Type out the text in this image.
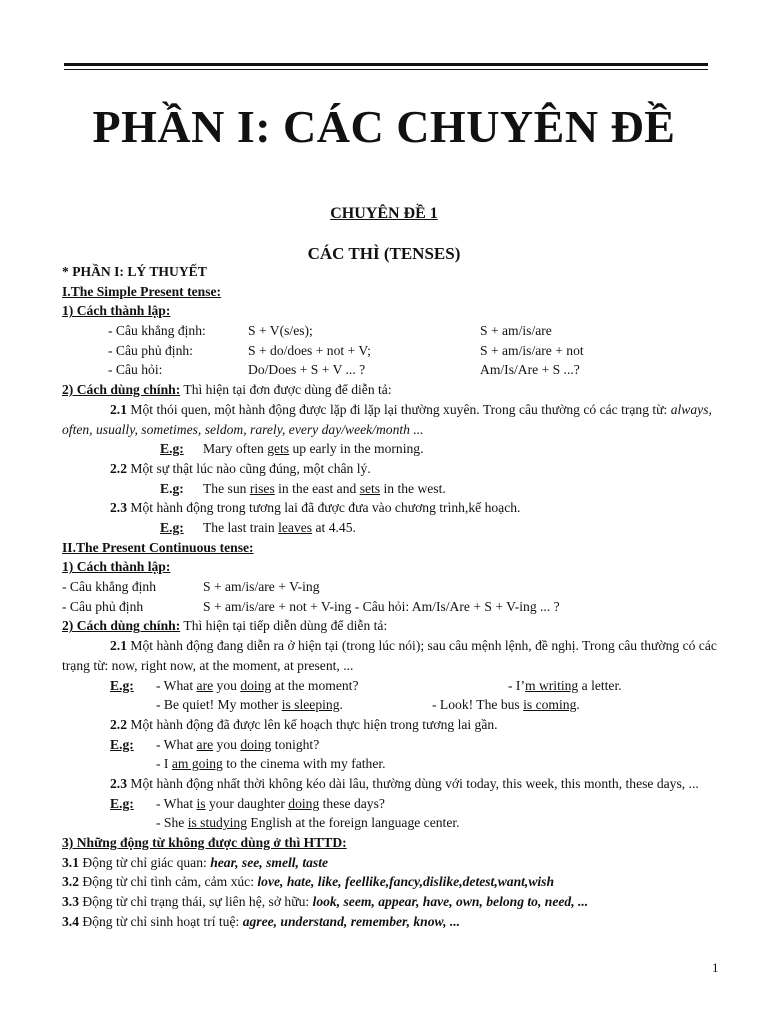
PHẦN I: CÁC CHUYÊN ĐỀ
CHUYÊN ĐỀ 1
CÁC THÌ (TENSES)
* PHẦN I: LÝ THUYẾT
I.The Simple Present tense:
1) Cách thành lập:
- Câu khẳng định:	S + V(s/es);	S + am/is/are
- Câu phủ định:	S + do/does + not + V;	S + am/is/are + not
- Câu hỏi:	Do/Does + S + V ... ?	Am/Is/Are + S ...?
2) Cách dùng chính: Thì hiện tại đơn được dùng để diễn tả:
2.1 Một thói quen, một hành động được lặp đi lặp lại thường xuyên. Trong câu thường có các trạng từ: always, often, usually, sometimes, seldom, rarely, every day/week/month ...
E.g: Mary often gets up early in the morning.
2.2 Một sự thật lúc nào cũng đúng, một chân lý.
E.g: The sun rises in the east and sets in the west.
2.3 Một hành động trong tương lai đã được đưa vào chương trình,kế hoạch.
E.g: The last train leaves at 4.45.
II.The Present Continuous tense:
1) Cách thành lập:
- Câu khẳng định	S + am/is/are + V-ing
- Câu phủ định	S + am/is/are + not + V-ing - Câu hỏi: Am/Is/Are + S + V-ing ... ?
2) Cách dùng chính: Thì hiện tại tiếp diễn dùng để diễn tả:
2.1 Một hành động đang diễn ra ở hiện tại (trong lúc nói); sau câu mệnh lệnh, đề nghị. Trong câu thường có các trạng từ: now, right now, at the moment, at present, ...
E.g: - What are you doing at the moment?	- I’m writing a letter.
- Be quiet! My mother is sleeping.	- Look! The bus is coming.
2.2 Một hành động đã được lên kế hoạch thực hiện trong tương lai gần.
E.g: - What are you doing tonight?
- I am going to the cinema with my father.
2.3 Một hành động nhất thời không kéo dài lâu, thường dùng với today, this week, this month, these days, ...
E.g: - What is your daughter doing these days?
- She is studying English at the foreign language center.
3) Những động từ không được dùng ở thì HTTD:
3.1 Động từ chỉ giác quan: hear, see, smell, taste
3.2 Động từ chỉ tình cảm, cảm xúc: love, hate, like, feellike,fancy,dislike,detest,want,wish
3.3 Động từ chỉ trạng thái, sự liên hệ, sở hữu: look, seem, appear, have, own, belong to, need, ...
3.4 Động từ chỉ sinh hoạt trí tuệ: agree, understand, remember, know, ...
1
